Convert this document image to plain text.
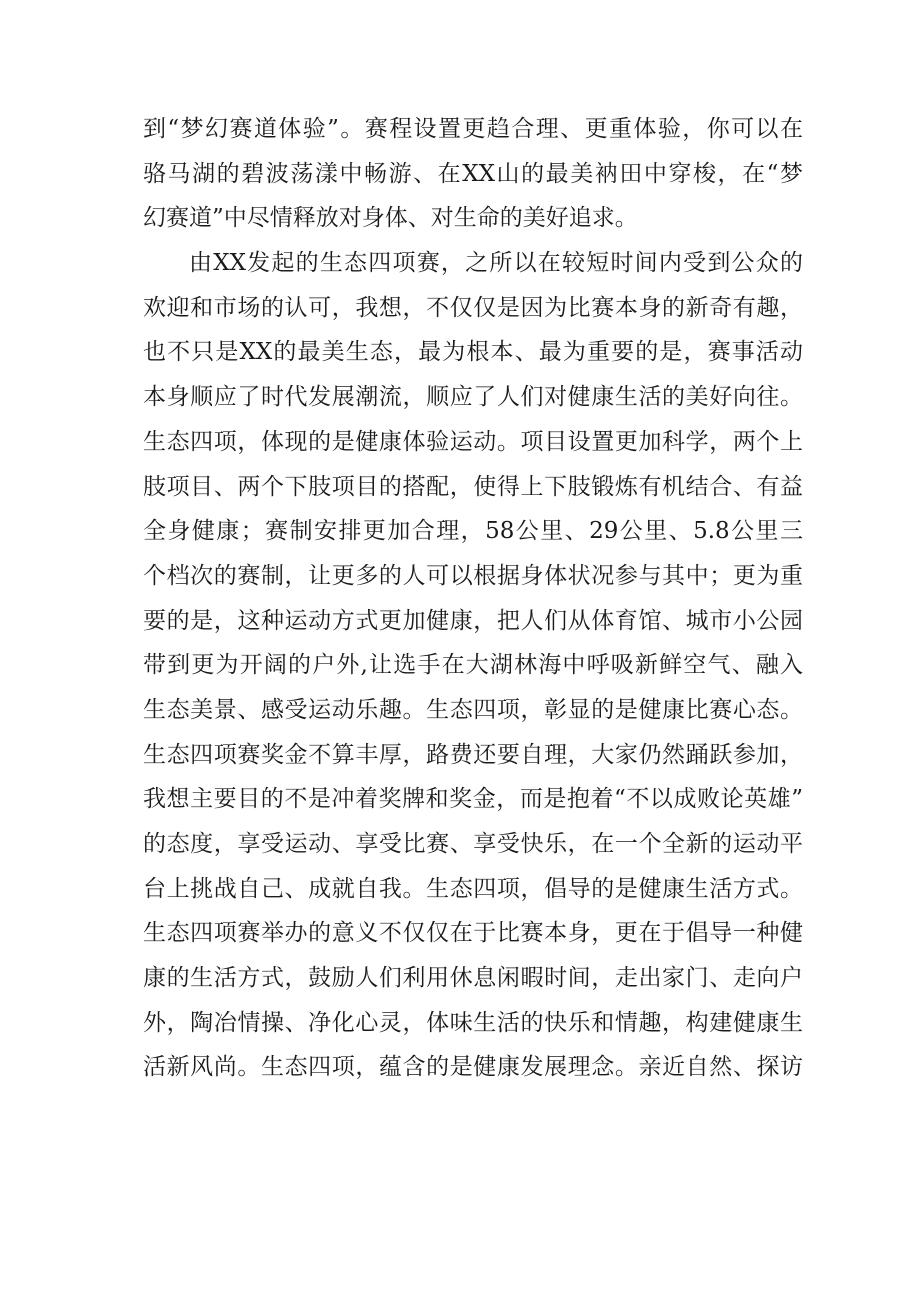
到“梦幻赛道体验”。赛程设置更趋合理、更重体验，你可以在
骆马湖的碧波荡漾中畅游、在XX山的最美衲田中穿梭，在“梦
幻赛道”中尽情释放对身体、对生命的美好追求。
由XX发起的生态四项赛，之所以在较短时间内受到公众的
欢迎和市场的认可，我想，不仅仅是因为比赛本身的新奇有趣，
也不只是XX的最美生态，最为根本、最为重要的是，赛事活动
本身顺应了时代发展潮流，顺应了人们对健康生活的美好向往。
生态四项，体现的是健康体验运动。项目设置更加科学，两个上
肢项目、两个下肢项目的搭配，使得上下肢锻炼有机结合、有益
全身健康；赛制安排更加合理，58公里、29公里、5.8公里三
个档次的赛制，让更多的人可以根据身体状况参与其中；更为重
要的是，这种运动方式更加健康，把人们从体育馆、城市小公园
带到更为开阔的户外,让选手在大湖林海中呼吸新鲜空气、融入
生态美景、感受运动乐趣。生态四项，彰显的是健康比赛心态。
生态四项赛奖金不算丰厚，路费还要自理，大家仍然踊跃参加，
我想主要目的不是冲着奖牌和奖金，而是抱着“不以成败论英雄”
的态度，享受运动、享受比赛、享受快乐，在一个全新的运动平
台上挑战自己、成就自我。生态四项，倡导的是健康生活方式。
生态四项赛举办的意义不仅仅在于比赛本身，更在于倡导一种健
康的生活方式，鼓励人们利用休息闲暇时间，走出家门、走向户
外，陶冶情操、净化心灵，体味生活的快乐和情趣，构建健康生
活新风尚。生态四项，蕴含的是健康发展理念。亲近自然、探访
